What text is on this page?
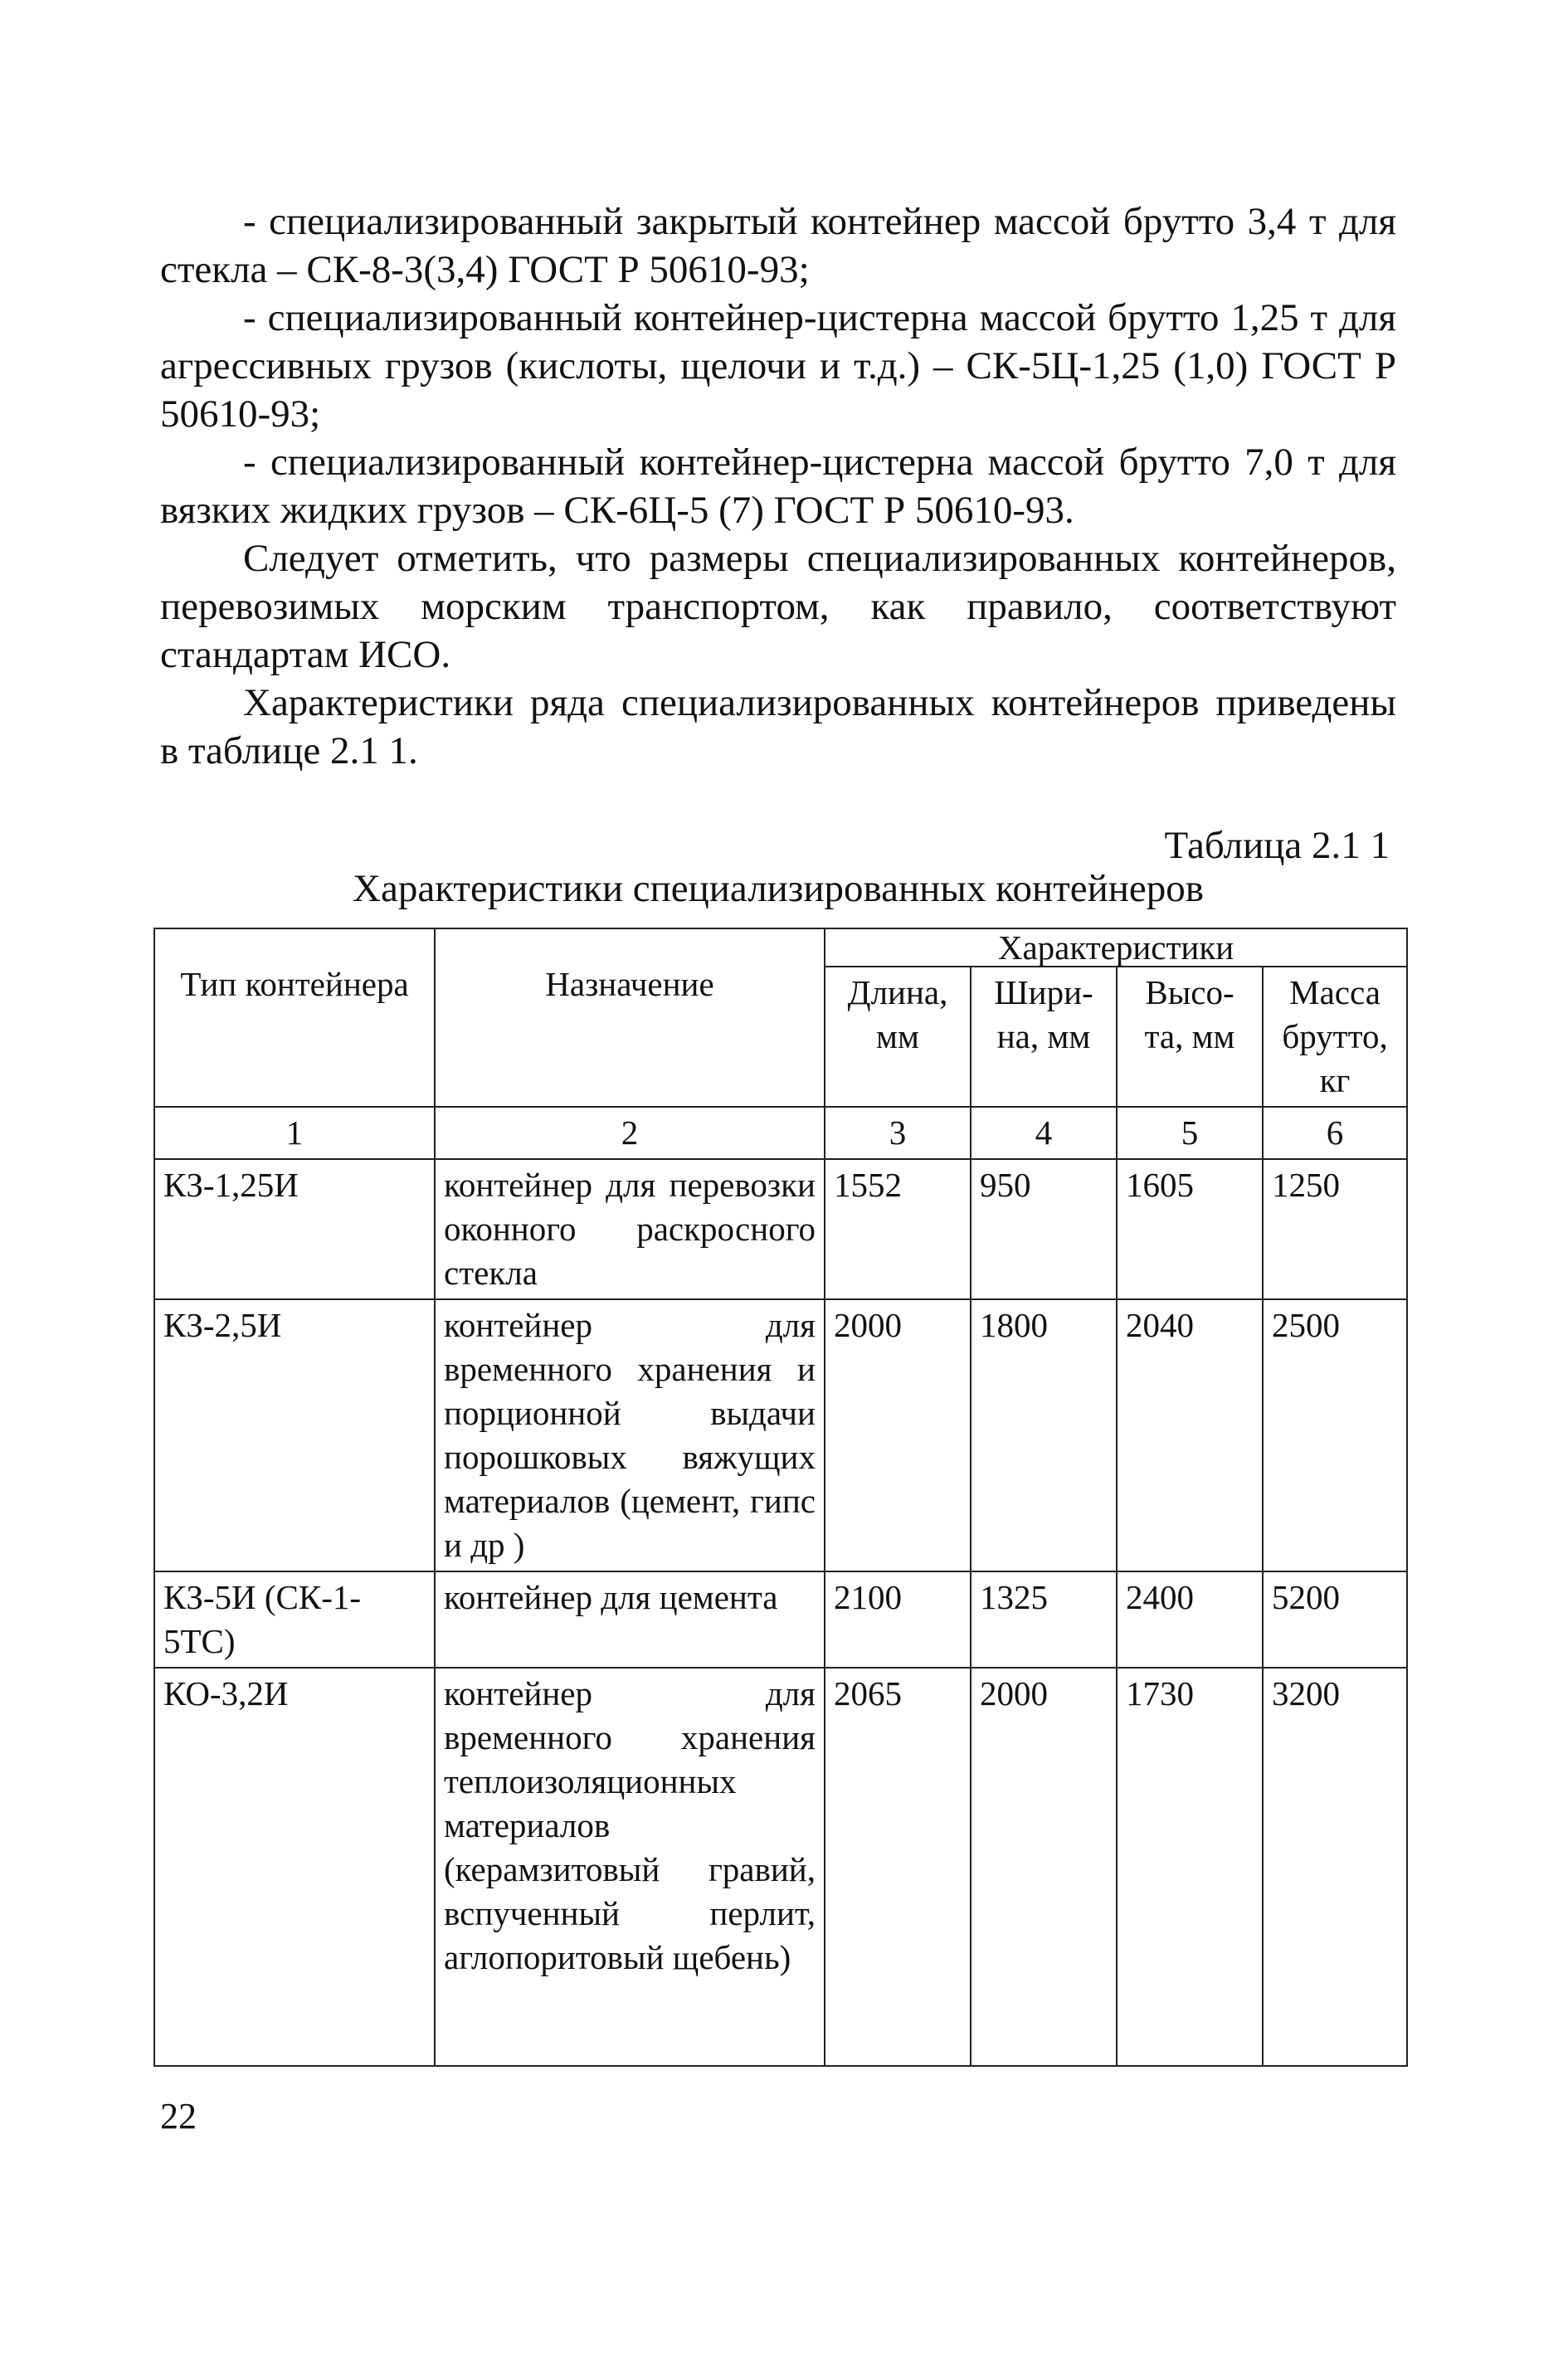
- специализированный закрытый контейнер массой брутто 3,4 т для стекла – СК-8-3(3,4) ГОСТ Р 50610-93;

- специализированный контейнер-цистерна массой брутто 1,25 т для агрессивных грузов (кислоты, щелочи и т.д.) – СК-5Ц-1,25 (1,0) ГОСТ Р 50610-93;

- специализированный контейнер-цистерна массой брутто 7,0 т для вязких жидких грузов – СК-6Ц-5 (7) ГОСТ Р 50610-93.

Следует отметить, что размеры специализированных контейнеров, перевозимых морским транспортом, как правило, соответствуют стандартам ИСО.

Характеристики ряда специализированных контейнеров приведены в таблице 2.1 1.

Таблица 2.1 1

Характеристики специализированных контейнеров

Тип контейнера	Назначение	Характеристики			
		Длина, мм	Шири-на, мм	Высо-та, мм	Масса брутто, кг
1	2	3	4	5	6
КЗ-1,25И	контейнер для перевозки оконного раскросного стекла	1552	950	1605	1250
КЗ-2,5И	контейнер для временного хранения и порционной выдачи порошковых вяжущих материалов (цемент, гипс и др )	2000	1800	2040	2500
КЗ-5И (СК-1-5ТС)	контейнер для цемента	2100	1325	2400	5200
КО-3,2И	контейнер для временного хранения теплоизоляционных материалов (керамзитовый гравий, вспученный перлит, аглопоритовый щебень)	2065	2000	1730	3200

22
